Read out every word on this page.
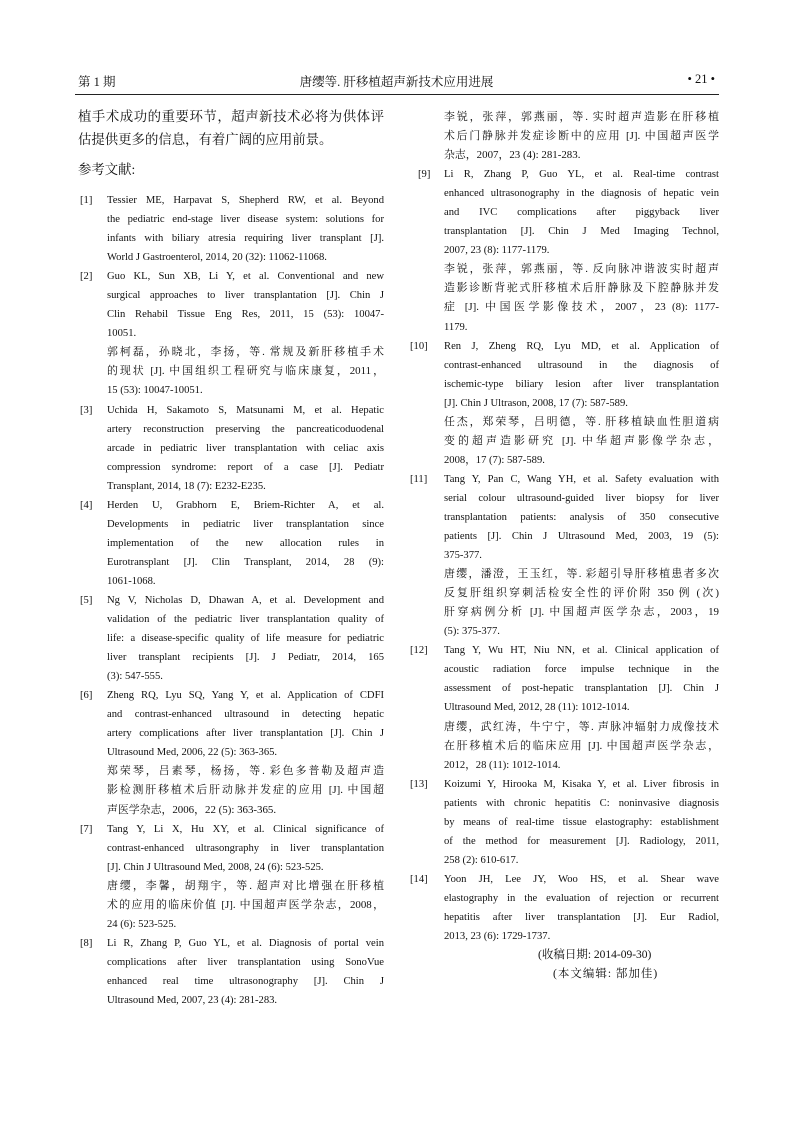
第 1 期	唐缨等. 肝移植超声新技术应用进展	• 21 •
植手术成功的重要环节，超声新技术必将为供体评
估提供更多的信息，有着广阔的应用前景。
参考文献:
[1] Tessier ME, Harpavat S, Shepherd RW, et al. Beyond
the pediatric end-stage liver disease system: solutions for
infants with biliary atresia requiring liver transplant [J].
World J Gastroenterol, 2014, 20 (32): 11062-11068.
[2] Guo KL, Sun XB, Li Y, et al. Conventional and new
surgical approaches to liver transplantation [J]. Chin J
Clin Rehabil Tissue Eng Res, 2011, 15 (53): 10047-
10051.
郭柯磊，孙晓北，李扬，等. 常规及新肝移植手术
的现状 [J]. 中国组织工程研究与临床康复，2011，
15 (53): 10047-10051.
[3] Uchida H, Sakamoto S, Matsunami M, et al. Hepatic
artery reconstruction preserving the pancreaticoduodenal
arcade in pediatric liver transplantation with celiac axis
compression syndrome: report of a case [J]. Pediatr
Transplant, 2014, 18 (7): E232-E235.
[4] Herden U, Grabhorn E, Briem-Richter A, et al.
Developments in pediatric liver transplantation since
implementation of the new allocation rules in
Eurotransplant [J]. Clin Transplant, 2014, 28 (9):
1061-1068.
[5] Ng V, Nicholas D, Dhawan A, et al. Development and
validation of the pediatric liver transplantation quality of
life: a disease-specific quality of life measure for pediatric
liver transplant recipients [J]. J Pediatr, 2014, 165
(3): 547-555.
[6] Zheng RQ, Lyu SQ, Yang Y, et al. Application of CDFI
and contrast-enhanced ultrasound in detecting hepatic
artery complications after liver transplantation [J]. Chin J
Ultrasound Med, 2006, 22 (5): 363-365.
郑荣琴，吕素琴，杨扬，等. 彩色多普勒及超声造
影检测肝移植术后肝动脉并发症的应用 [J]. 中国超
声医学杂志，2006，22 (5): 363-365.
[7] Tang Y, Li X, Hu XY, et al. Clinical significance of
contrast-enhanced ultrasongraphy in liver transplantation
[J]. Chin J Ultrasound Med, 2008, 24 (6): 523-525.
唐缨，李馨，胡翔宇，等. 超声对比增强在肝移植
术的应用的临床价值 [J]. 中国超声医学杂志，2008，
24 (6): 523-525.
[8] Li R, Zhang P, Guo YL, et al. Diagnosis of portal vein
complications after liver transplantation using SonoVue
enhanced real time ultrasonography [J]. Chin J
Ultrasound Med, 2007, 23 (4): 281-283.
李锐，张萍，郭燕丽，等. 实时超声造影在肝移植
术后门静脉并发症诊断中的应用 [J]. 中国超声医学
杂志，2007，23 (4): 281-283.
[9] Li R, Zhang P, Guo YL, et al. Real-time contrast
enhanced ultrasonography in the diagnosis of hepatic vein
and IVC complications after piggyback liver
transplantation [J]. Chin J Med Imaging Technol,
2007, 23 (8): 1177-1179.
李锐，张萍，郭燕丽，等. 反向脉冲谐波实时超声
造影诊断背驼式肝移植术后肝静脉及下腔静脉并发
症 [J]. 中国医学影像技术，2007，23 (8): 1177-
1179.
[10] Ren J, Zheng RQ, Lyu MD, et al. Application of
contrast-enhanced ultrasound in the diagnosis of
ischemic-type biliary lesion after liver transplantation
[J]. Chin J Ultrason, 2008, 17 (7): 587-589.
任杰，郑荣琴，吕明德，等. 肝移植缺血性胆道病
变的超声造影研究 [J]. 中华超声影像学杂志，
2008，17 (7): 587-589.
[11] Tang Y, Pan C, Wang YH, et al. Safety evaluation with
serial colour ultrasound-guided liver biopsy for liver
transplantation patients: analysis of 350 consecutive
patients [J]. Chin J Ultrasound Med, 2003, 19 (5):
375-377.
唐缨，潘澄，王玉红，等. 彩超引导肝移植患者多次
反复肝组织穿刺活检安全性的评价附 350 例 (次)
肝穿病例分析 [J]. 中国超声医学杂志，2003，19
(5): 375-377.
[12] Tang Y, Wu HT, Niu NN, et al. Clinical application of
acoustic radiation force impulse technique in the
assessment of post-hepatic transplantation [J]. Chin J
Ultrasound Med, 2012, 28 (11): 1012-1014.
唐缨，武红涛，牛宁宁，等. 声脉冲辐射力成像技术
在肝移植术后的临床应用 [J]. 中国超声医学杂志，
2012，28 (11): 1012-1014.
[13] Koizumi Y, Hirooka M, Kisaka Y, et al. Liver fibrosis in
patients with chronic hepatitis C: noninvasive diagnosis
by means of real-time tissue elastography: establishment
of the method for measurement [J]. Radiology, 2011,
258 (2): 610-617.
[14] Yoon JH, Lee JY, Woo HS, et al. Shear wave
elastography in the evaluation of rejection or recurrent
hepatitis after liver transplantation [J]. Eur Radiol,
2013, 23 (6): 1729-1737.
(收稿日期: 2014-09-30)
(本文编辑: 郜加佳)
